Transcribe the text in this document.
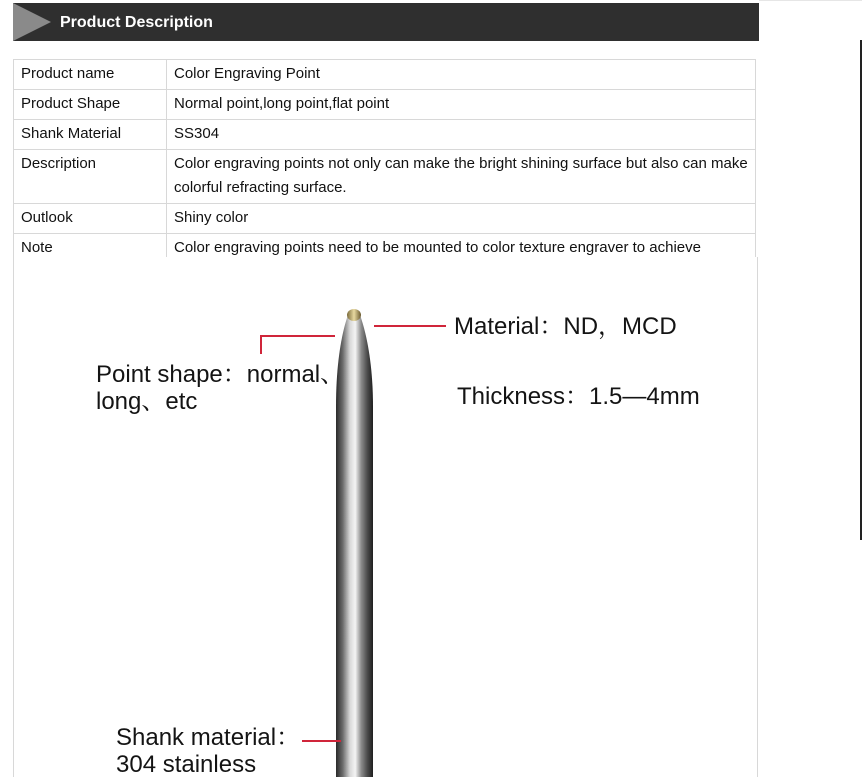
Product Description
Product name	Color Engraving Point
Product Shape	Normal point,long point,flat point
Shank Material	SS304
Description	Color engraving points not only can make the bright shining surface but also can make colorful refracting surface.
Outlook	Shiny color
Note	Color engraving points need to be mounted to color texture engraver to achieve
Material：ND，MCD
Thickness：1.5—4mm
Point shape：normal、
long、etc
Shank material：
304 stainless
